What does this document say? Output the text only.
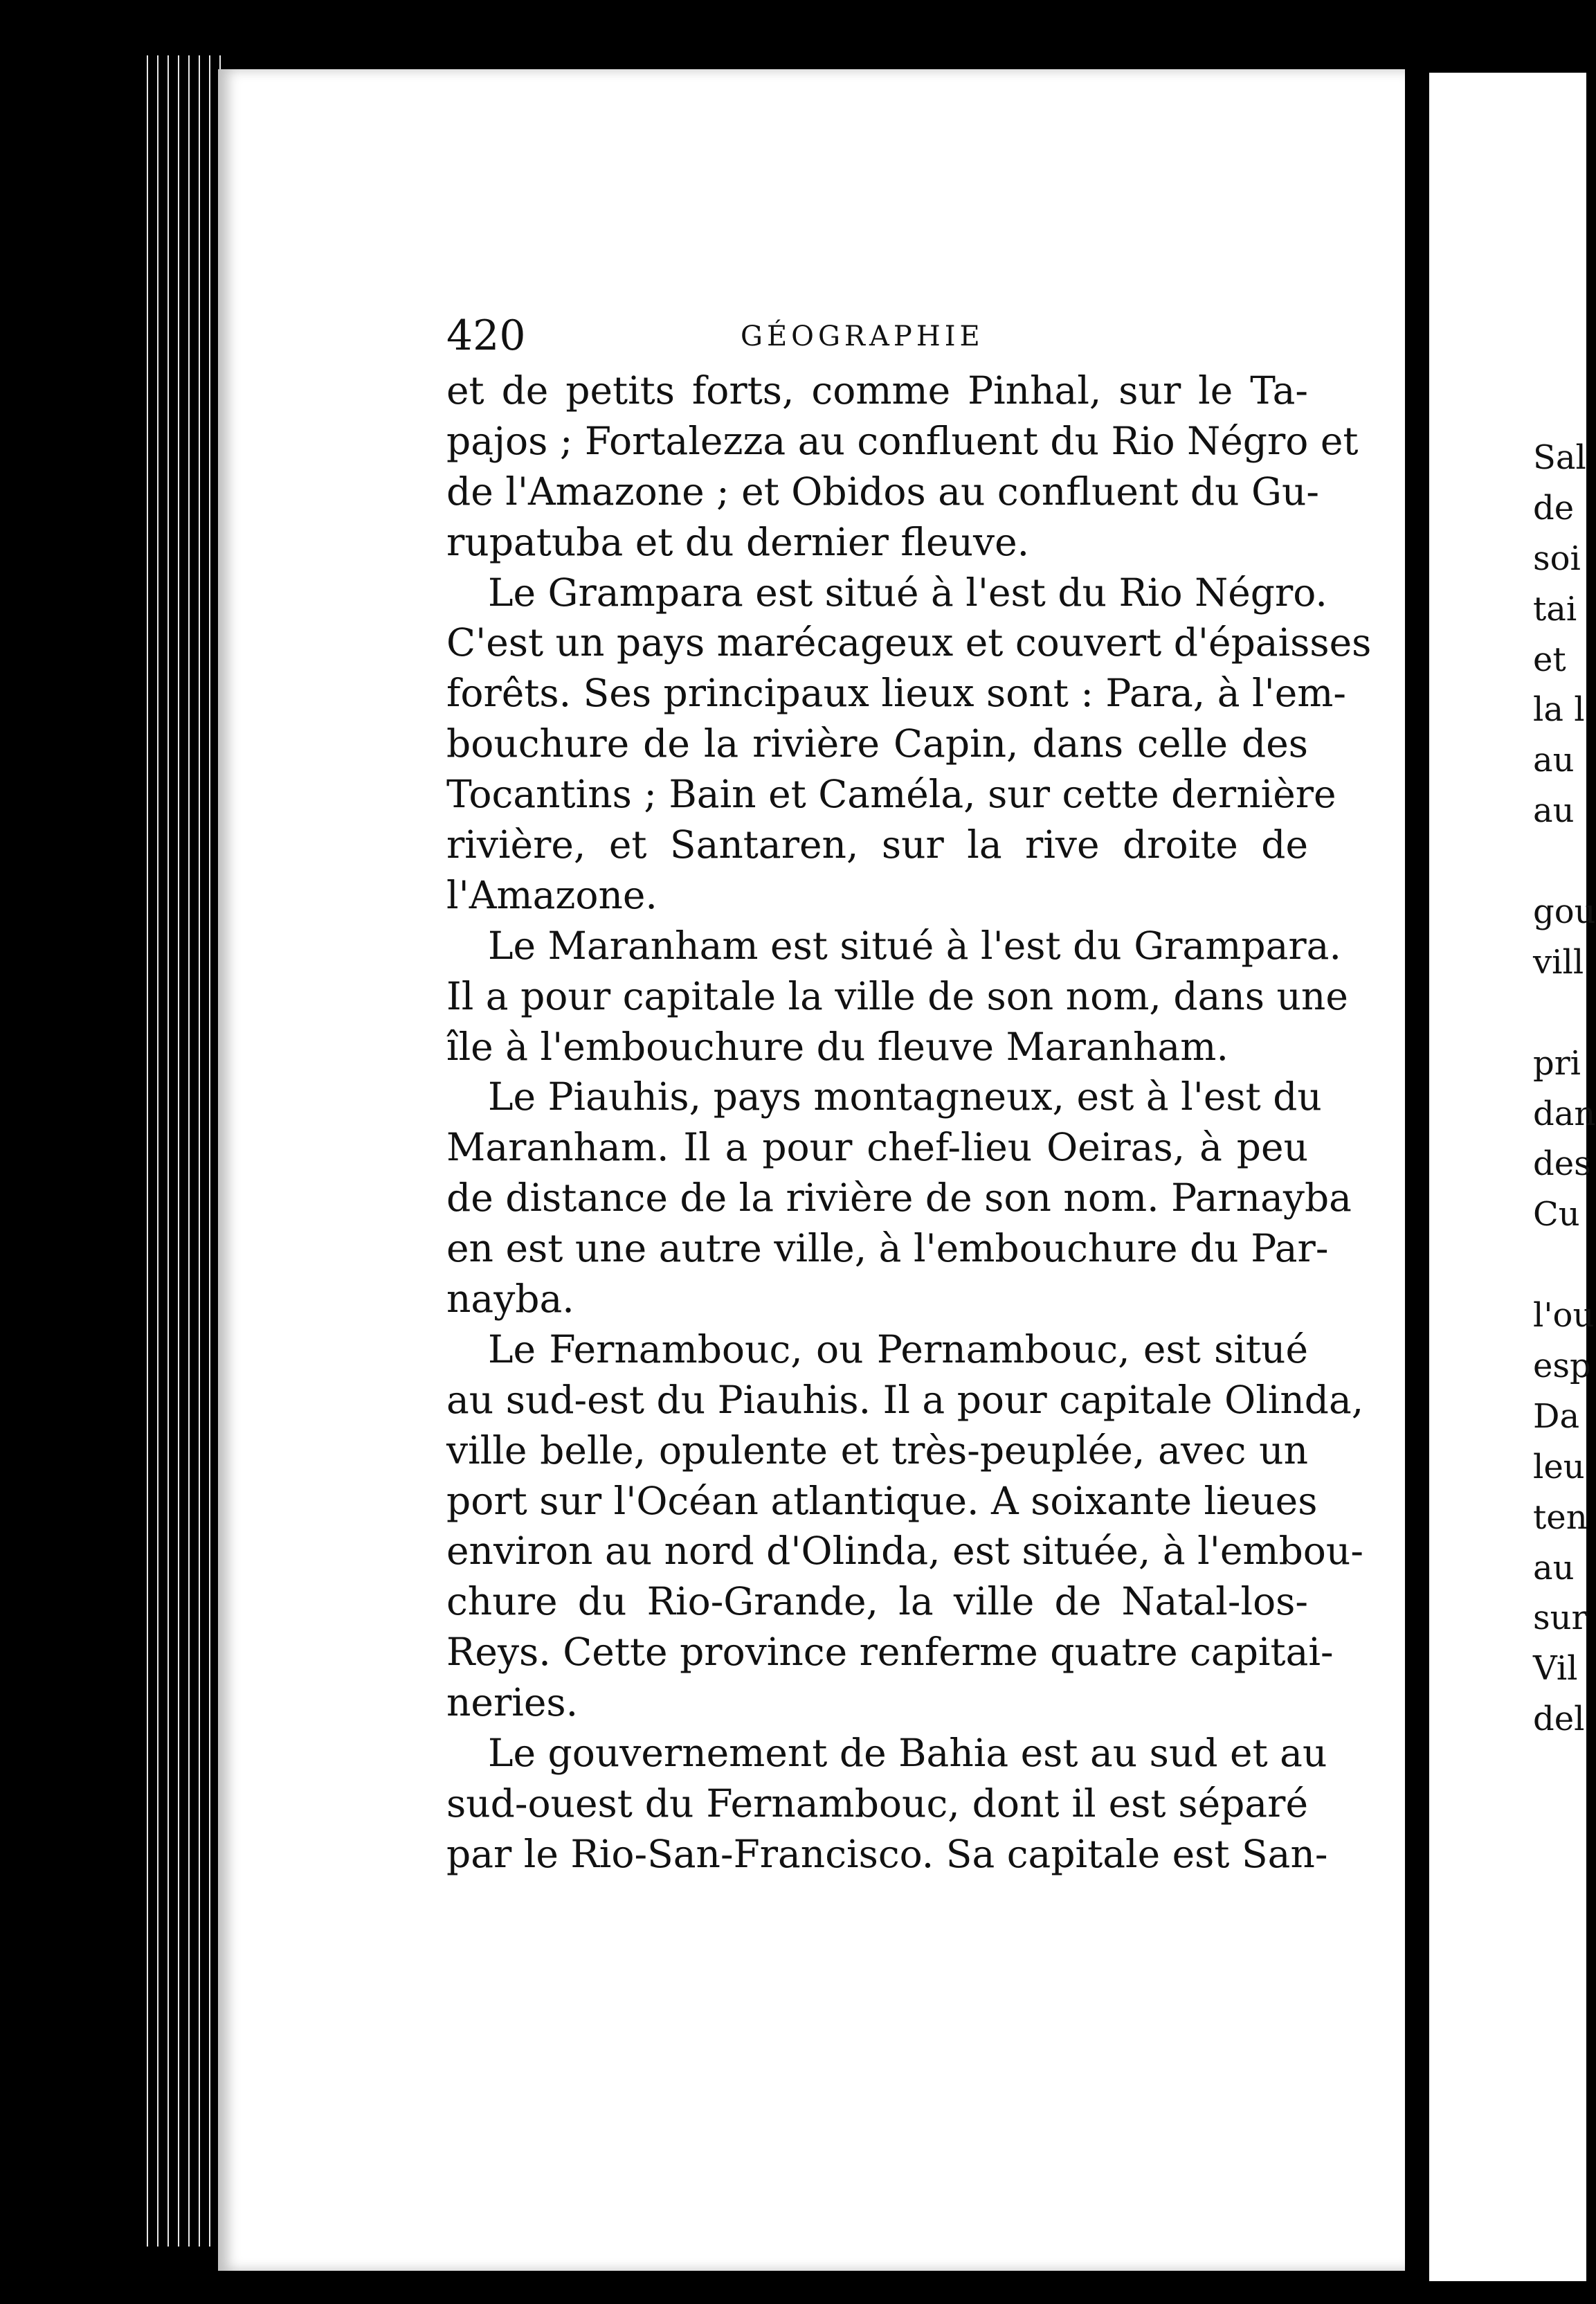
Sal
de
soi
tai
et
la l
au
au
gou
vill
pri
dan
des
Cu
l'ou
esp
Da
leu
ten
au
sur
Vil
del
420	GÉOGRAPHIE
et de petits forts, comme Pinhal, sur le Ta-
pajos ; Fortalezza au confluent du Rio Négro et
de l'Amazone ; et Obidos au confluent du Gu-
rupatuba et du dernier fleuve.
Le Grampara est situé à l'est du Rio Négro.
C'est un pays marécageux et couvert d'épaisses
forêts. Ses principaux lieux sont : Para, à l'em-
bouchure de la rivière Capin, dans celle des
Tocantins ; Bain et Caméla, sur cette dernière
rivière, et Santaren, sur la rive droite de
l'Amazone.
Le Maranham est situé à l'est du Grampara.
Il a pour capitale la ville de son nom, dans une
île à l'embouchure du fleuve Maranham.
Le Piauhis, pays montagneux, est à l'est du
Maranham. Il a pour chef-lieu Oeiras, à peu
de distance de la rivière de son nom. Parnayba
en est une autre ville, à l'embouchure du Par-
nayba.
Le Fernambouc, ou Pernambouc, est situé
au sud-est du Piauhis. Il a pour capitale Olinda,
ville belle, opulente et très-peuplée, avec un
port sur l'Océan atlantique. A soixante lieues
environ au nord d'Olinda, est située, à l'embou-
chure du Rio-Grande, la ville de Natal-los-
Reys. Cette province renferme quatre capitai-
neries.
Le gouvernement de Bahia est au sud et au
sud-ouest du Fernambouc, dont il est séparé
par le Rio-San-Francisco. Sa capitale est San-
